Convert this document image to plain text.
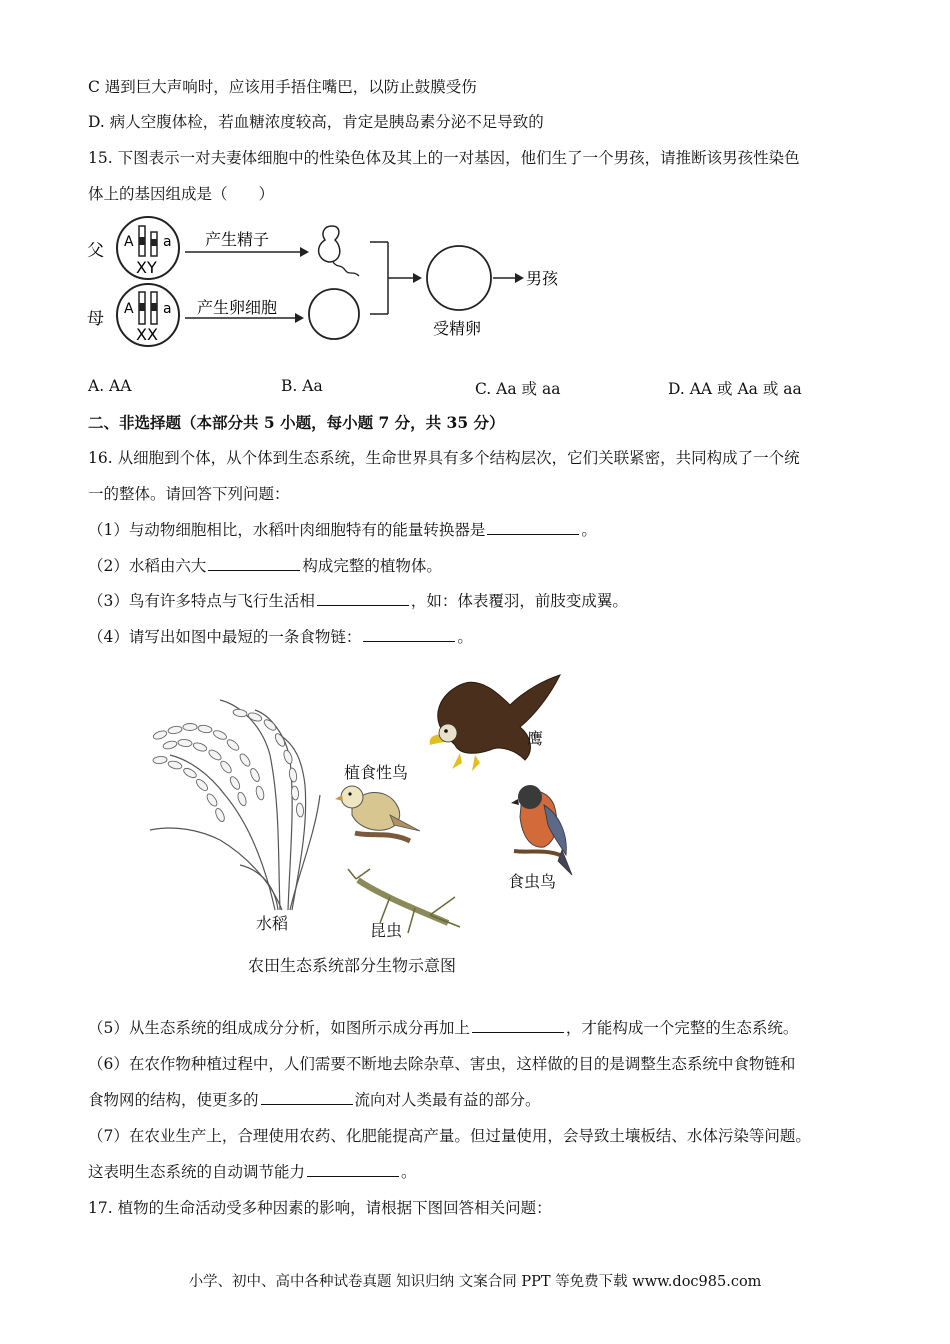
C 遇到巨大声响时，应该用手捂住嘴巴，以防止鼓膜受伤
D. 病人空腹体检，若血糖浓度较高，肯定是胰岛素分泌不足导致的
15. 下图表示一对夫妻体细胞中的性染色体及其上的一对基因，他们生了一个男孩，请推断该男孩性染色
体上的基因组成是（　　）
父
母
A a
XY
A a
XX
产生精子
产生卵细胞
受精卵
男孩
A. AA	B. Aa	C. Aa 或 aa	D. AA 或 Aa 或 aa
二、非选择题（本部分共 5 小题，每小题 7 分，共 35 分）
16. 从细胞到个体，从个体到生态系统，生命世界具有多个结构层次，它们关联紧密，共同构成了一个统
一的整体。请回答下列问题：
（1）与动物细胞相比，水稻叶肉细胞特有的能量转换器是	。
（2）水稻由六大	构成完整的植物体。
（3）鸟有许多特点与飞行生活相	，如：体表覆羽，前肢变成翼。
（4）请写出如图中最短的一条食物链：	。
鹰
植食性鸟
食虫鸟
水稻	昆虫
农田生态系统部分生物示意图
（5）从生态系统的组成成分分析，如图所示成分再加上	，才能构成一个完整的生态系统。
（6）在农作物种植过程中，人们需要不断地去除杂草、害虫，这样做的目的是调整生态系统中食物链和
食物网的结构，使更多的	流向对人类最有益的部分。
（7）在农业生产上，合理使用农药、化肥能提高产量。但过量使用，会导致土壤板结、水体污染等问题。
这表明生态系统的自动调节能力	。
17. 植物的生命活动受多种因素的影响，请根据下图回答相关问题：
小学、初中、高中各种试卷真题 知识归纳 文案合同 PPT 等免费下载 www.doc985.com
